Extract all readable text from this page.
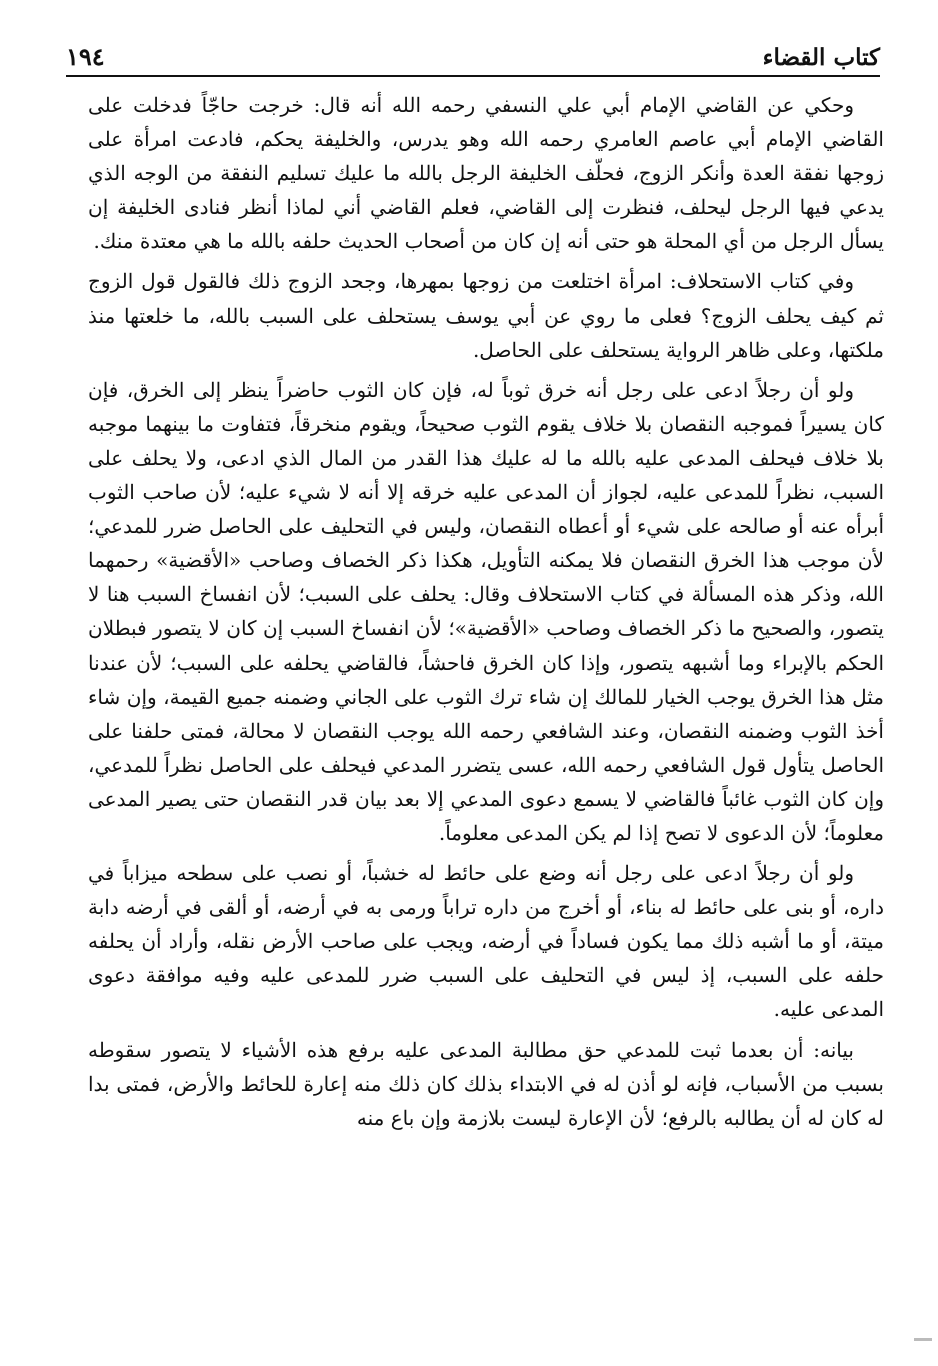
كتاب القضاء
١٩٤

وحكي عن القاضي الإمام أبي علي النسفي رحمه الله أنه قال: خرجت حاجّاً فدخلت على القاضي الإمام أبي عاصم العامري رحمه الله وهو يدرس، والخليفة يحكم، فادعت امرأة على زوجها نفقة العدة وأنكر الزوج، فحلّف الخليفة الرجل بالله ما عليك تسليم النفقة من الوجه الذي يدعي فيها الرجل ليحلف، فنظرت إلى القاضي، فعلم القاضي أني لماذا أنظر فنادى الخليفة إن يسأل الرجل من أي المحلة هو حتى أنه إن كان من أصحاب الحديث حلفه بالله ما هي معتدة منك.

وفي كتاب الاستحلاف: امرأة اختلعت من زوجها بمهرها، وجحد الزوج ذلك فالقول قول الزوج ثم كيف يحلف الزوج؟ فعلى ما روي عن أبي يوسف يستحلف على السبب بالله، ما خلعتها منذ ملكتها، وعلى ظاهر الرواية يستحلف على الحاصل.

ولو أن رجلاً ادعى على رجل أنه خرق ثوباً له، فإن كان الثوب حاضراً ينظر إلى الخرق، فإن كان يسيراً فموجبه النقصان بلا خلاف يقوم الثوب صحيحاً، ويقوم منخرقاً، فتفاوت ما بينهما موجبه بلا خلاف فيحلف المدعى عليه بالله ما له عليك هذا القدر من المال الذي ادعى، ولا يحلف على السبب، نظراً للمدعى عليه، لجواز أن المدعى عليه خرقه إلا أنه لا شيء عليه؛ لأن صاحب الثوب أبرأه عنه أو صالحه على شيء أو أعطاه النقصان، وليس في التحليف على الحاصل ضرر للمدعي؛ لأن موجب هذا الخرق النقصان فلا يمكنه التأويل، هكذا ذكر الخصاف وصاحب «الأقضية» رحمهما الله، وذكر هذه المسألة في كتاب الاستحلاف وقال: يحلف على السبب؛ لأن انفساخ السبب هنا لا يتصور، والصحيح ما ذكر الخصاف وصاحب «الأقضية»؛ لأن انفساخ السبب إن كان لا يتصور فبطلان الحكم بالإبراء وما أشبهه يتصور، وإذا كان الخرق فاحشاً، فالقاضي يحلفه على السبب؛ لأن عندنا مثل هذا الخرق يوجب الخيار للمالك إن شاء ترك الثوب على الجاني وضمنه جميع القيمة، وإن شاء أخذ الثوب وضمنه النقصان، وعند الشافعي رحمه الله يوجب النقصان لا محالة، فمتى حلفنا على الحاصل يتأول قول الشافعي رحمه الله، عسى يتضرر المدعي فيحلف على الحاصل نظراً للمدعي، وإن كان الثوب غائباً فالقاضي لا يسمع دعوى المدعي إلا بعد بيان قدر النقصان حتى يصير المدعى معلوماً؛ لأن الدعوى لا تصح إذا لم يكن المدعى معلوماً.

ولو أن رجلاً ادعى على رجل أنه وضع على حائط له خشباً، أو نصب على سطحه ميزاباً في داره، أو بنى على حائط له بناء، أو أخرج من داره تراباً ورمى به في أرضه، أو ألقى في أرضه دابة ميتة، أو ما أشبه ذلك مما يكون فساداً في أرضه، ويجب على صاحب الأرض نقله، وأراد أن يحلفه حلفه على السبب، إذ ليس في التحليف على السبب ضرر للمدعى عليه وفيه موافقة دعوى المدعى عليه.

بيانه: أن بعدما ثبت للمدعي حق مطالبة المدعى عليه برفع هذه الأشياء لا يتصور سقوطه بسبب من الأسباب، فإنه لو أذن له في الابتداء بذلك كان ذلك منه إعارة للحائط والأرض، فمتى بدا له كان له أن يطالبه بالرفع؛ لأن الإعارة ليست بلازمة وإن باع منه
